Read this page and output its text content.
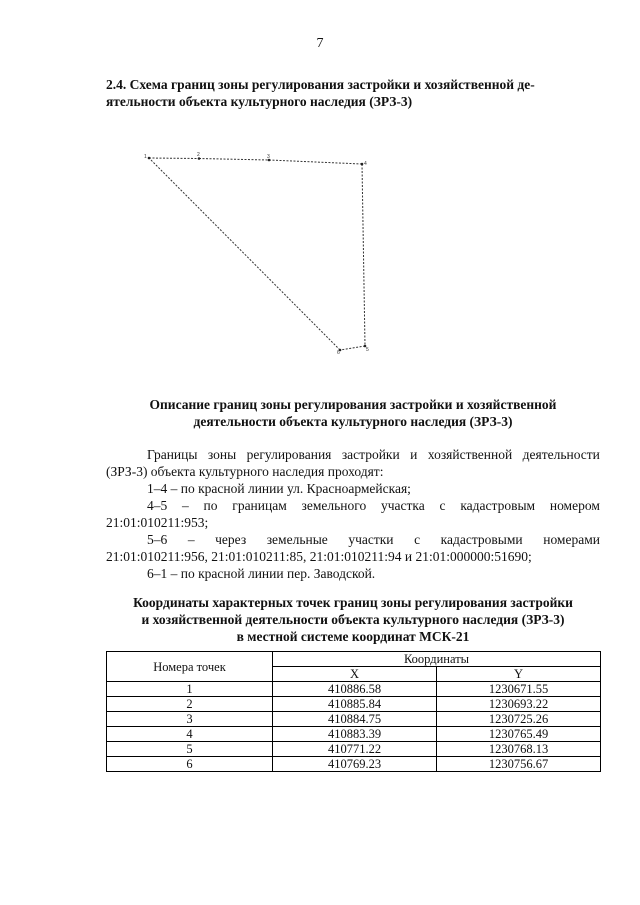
7
2.4. Схема границ зоны регулирования застройки и хозяйственной де-
ятельности объекта культурного наследия (ЗРЗ-3)
1	2	3
4
5
6
Описание границ зоны регулирования застройки и хозяйственной
деятельности объекта культурного наследия (ЗРЗ-3)
Границы зоны регулирования застройки и хозяйственной деятельности
(ЗРЗ-3) объекта культурного наследия проходят:
1–4 – по красной линии ул. Красноармейская;
4–5 – по границам земельного участка с кадастровым номером
21:01:010211:953;
5–6 – через земельные участки с кадастровыми номерами
21:01:010211:956, 21:01:010211:85, 21:01:010211:94 и 21:01:000000:51690;
6–1 – по красной линии пер. Заводской.
Координаты характерных точек границ зоны регулирования застройки
и хозяйственной деятельности объекта культурного наследия (ЗРЗ-3)
в местной системе координат МСК-21
Номера точек	Координаты	
	X	Y
1	410886.58	1230671.55
2	410885.84	1230693.22
3	410884.75	1230725.26
4	410883.39	1230765.49
5	410771.22	1230768.13
6	410769.23	1230756.67
